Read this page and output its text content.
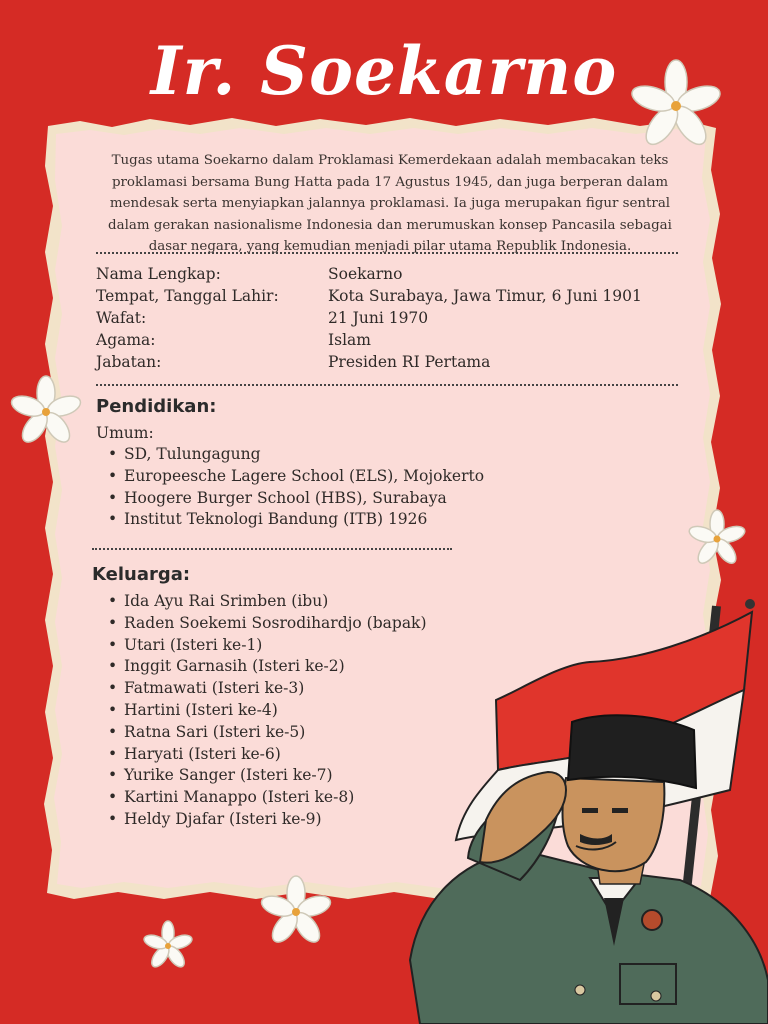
Ir. Soekarno
Tugas utama Soekarno dalam Proklamasi Kemerdekaan adalah membacakan teks proklamasi bersama Bung Hatta pada 17 Agustus 1945, dan juga berperan dalam mendesak serta menyiapkan jalannya proklamasi. Ia juga merupakan figur sentral dalam gerakan nasionalisme Indonesia dan merumuskan konsep Pancasila sebagai dasar negara, yang kemudian menjadi pilar utama Republik Indonesia.
Nama Lengkap:	Soekarno
Tempat, Tanggal Lahir:	Kota Surabaya, Jawa Timur, 6 Juni 1901
Wafat:	21 Juni 1970
Agama:	Islam
Jabatan:	Presiden RI Pertama
Pendidikan:
Umum:
• SD, Tulungagung
• Europeesche Lagere School (ELS), Mojokerto
• Hoogere Burger School (HBS), Surabaya
• Institut Teknologi Bandung (ITB) 1926
Keluarga:
• Ida Ayu Rai Srimben (ibu)
• Raden Soekemi Sosrodihardjo (bapak)
• Utari (Isteri ke-1)
• Inggit Garnasih (Isteri ke-2)
• Fatmawati (Isteri ke-3)
• Hartini (Isteri ke-4)
• Ratna Sari (Isteri ke-5)
• Haryati (Isteri ke-6)
• Yurike Sanger (Isteri ke-7)
• Kartini Manappo (Isteri ke-8)
• Heldy Djafar (Isteri ke-9)
